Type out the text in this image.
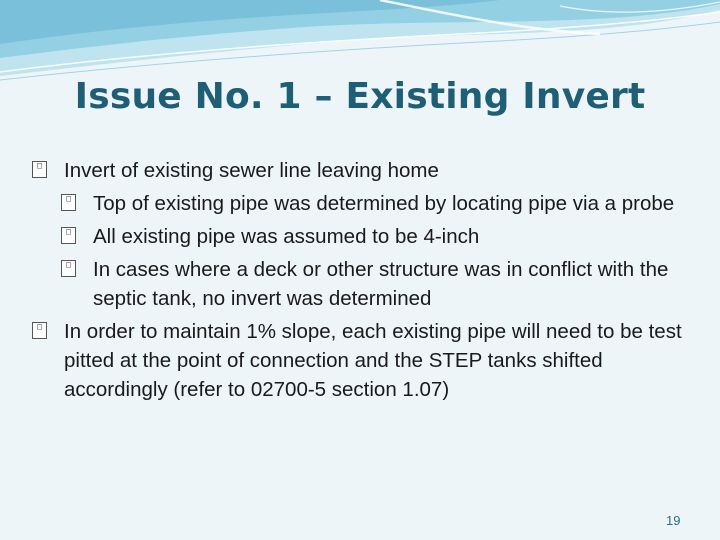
Issue No. 1 – Existing Invert
□ Invert of existing sewer line leaving home
□ Top of existing pipe was determined by locating pipe via a probe
□ All existing pipe was assumed to be 4-inch
□ In cases where a deck or other structure was in conflict with the septic tank, no invert was determined
□ In order to maintain 1% slope, each existing pipe will need to be test pitted at the point of connection and the STEP tanks shifted accordingly (refer to 02700-5 section 1.07)
19
